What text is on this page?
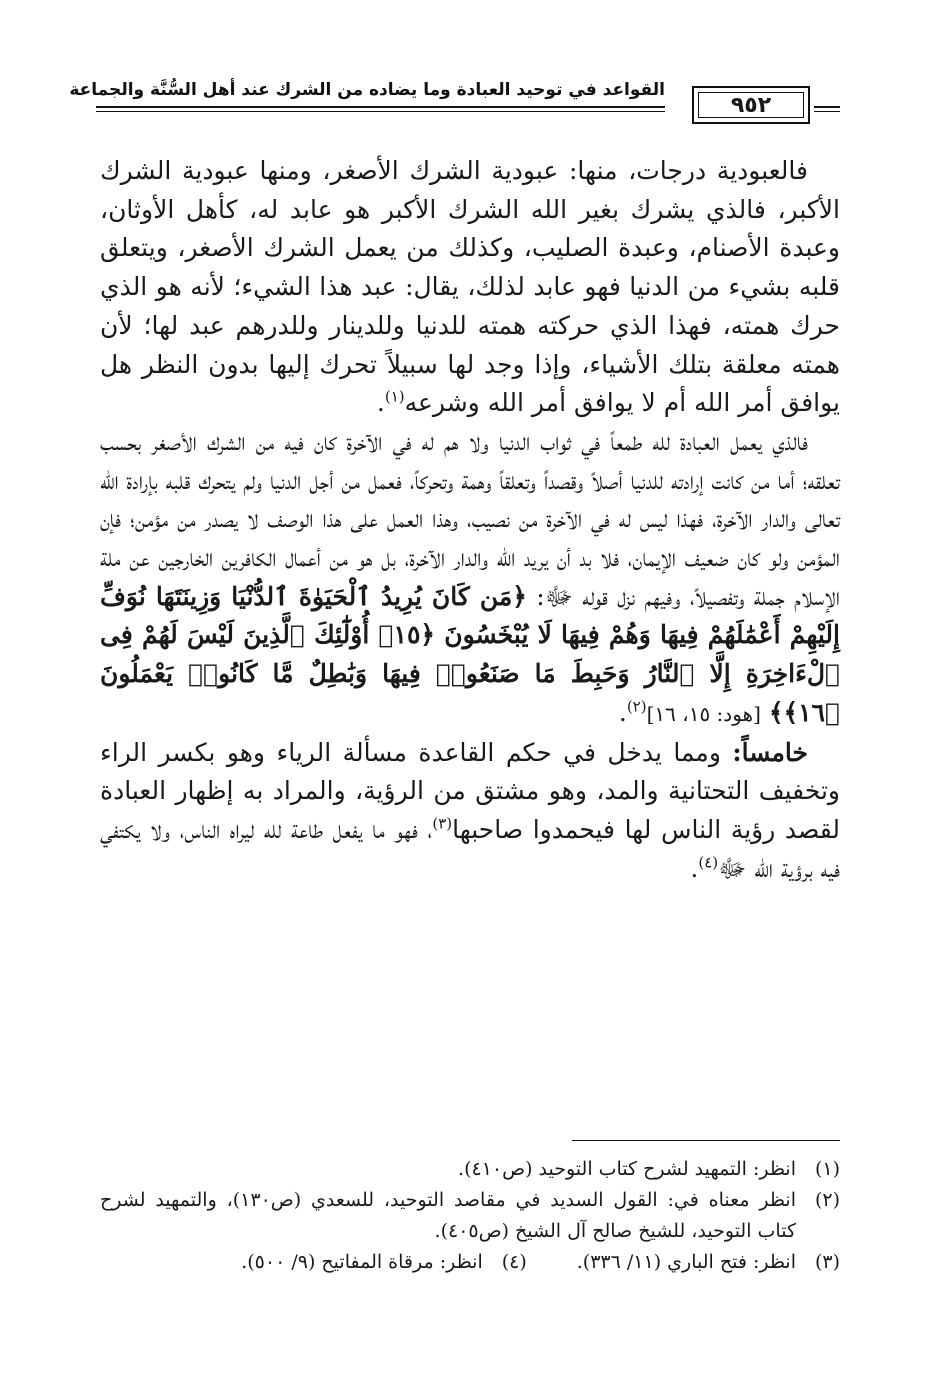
القواعد في توحيد العبادة وما يضاده من الشرك عند أهل السُّنَّة والجماعة
٩٥٢

فالعبودية درجات، منها: عبودية الشرك الأصغر، ومنها عبودية الشرك الأكبر، فالذي يشرك بغير الله الشرك الأكبر هو عابد له، كأهل الأوثان، وعبدة الأصنام، وعبدة الصليب، وكذلك من يعمل الشرك الأصغر، ويتعلق قلبه بشيء من الدنيا فهو عابد لذلك، يقال: عبد هذا الشيء؛ لأنه هو الذي حرك همته، فهذا الذي حركته همته للدنيا وللدينار وللدرهم عبد لها؛ لأن همته معلقة بتلك الأشياء، وإذا وجد لها سبيلاً تحرك إليها بدون النظر هل يوافق أمر الله أم لا يوافق أمر الله وشرعه$^{(١)}$.

فالذي يعمل العبادة لله طمعاً في ثواب الدنيا ولا هم له في الآخرة كان فيه من الشرك الأصغر بحسب تعلقه؛ أما من كانت إرادته للدنيا أصلاً وقصداً وتعلقاً وهمة وتحركاً، فعمل من أجل الدنيا ولم يتحرك قلبه بإرادة الله تعالى والدار الآخرة، فهذا ليس له في الآخرة من نصيب، وهذا العمل على هذا الوصف لا يصدر من مؤمن؛ فإن المؤمن ولو كان ضعيف الإيمان، فلا بد أن يريد الله والدار الآخرة، بل هو من أعمال الكافرين الخارجين عن ملة الإسلام جملة وتفصيلاً، وفيهم نزل قوله ﷻ: ﴿مَن كَانَ يُرِيدُ ٱلْحَيَوٰةَ ٱلدُّنْيَا وَزِينَتَهَا نُوَفِّ إِلَيْهِمْ أَعْمَٰلَهُمْ فِيهَا وَهُمْ فِيهَا لَا يُبْخَسُونَ ﴿١٥﴾ أُوْلَٰٓئِكَ ٱلَّذِينَ لَيْسَ لَهُمْ فِى ٱلْءَاخِرَةِ إِلَّا ٱلنَّارُ وَحَبِطَ مَا صَنَعُوا۟ فِيهَا وَبَٰطِلٌ مَّا كَانُوا۟ يَعْمَلُونَ ﴿١٦﴾﴾ [هود: ١٥، ١٦]$^{(٢)}$.

خامساً: ومما يدخل في حكم القاعدة مسألة الرياء وهو بكسر الراء وتخفيف التحتانية والمد، وهو مشتق من الرؤية، والمراد به إظهار العبادة لقصد رؤية الناس لها فيحمدوا صاحبها$^{(٣)}$، فهو ما يفعل طاعة لله ليراه الناس، ولا يكتفي فيه برؤية الله ﷻ$^{(٤)}$.

(١)
انظر: التمهيد لشرح كتاب التوحيد (ص٤١٠).
(٢)
انظر معناه في: القول السديد في مقاصد التوحيد، للسعدي (ص١٣٠)، والتمهيد لشرح كتاب التوحيد، للشيخ صالح آل الشيخ (ص٤٠٥).
(٣)
انظر: فتح الباري (١١/ ٣٣٦).
(٤)
انظر: مرقاة المفاتيح (٩/ ٥٠٠).
